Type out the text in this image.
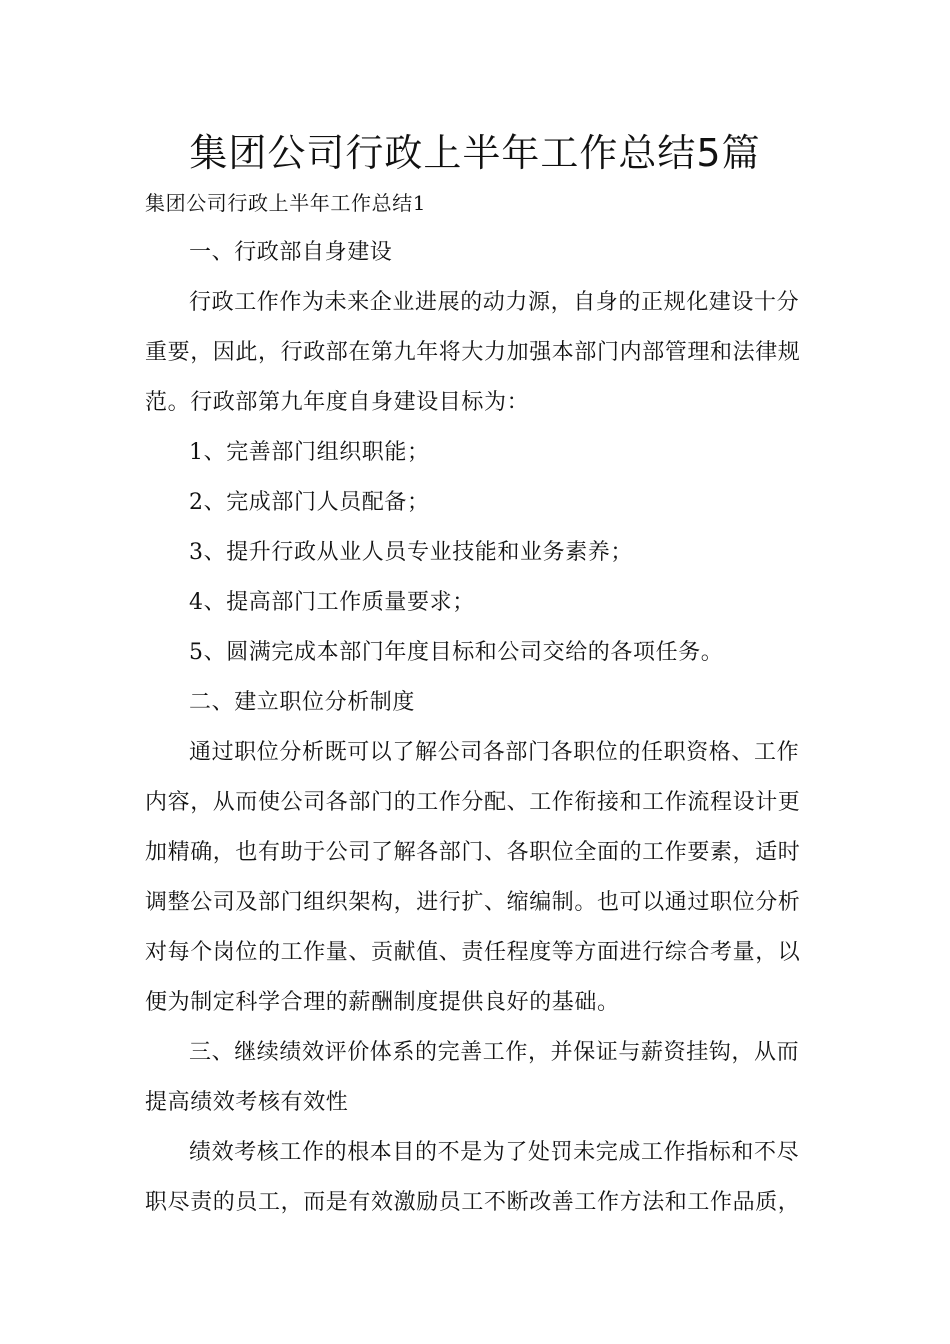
集团公司行政上半年工作总结5篇
集团公司行政上半年工作总结1
一、行政部自身建设
行政工作作为未来企业进展的动力源，自身的正规化建设十分
重要，因此，行政部在第九年将大力加强本部门内部管理和法律规
范。行政部第九年度自身建设目标为：
1、完善部门组织职能；
2、完成部门人员配备；
3、提升行政从业人员专业技能和业务素养；
4、提高部门工作质量要求；
5、圆满完成本部门年度目标和公司交给的各项任务。
二、建立职位分析制度
通过职位分析既可以了解公司各部门各职位的任职资格、工作
内容，从而使公司各部门的工作分配、工作衔接和工作流程设计更
加精确，也有助于公司了解各部门、各职位全面的工作要素，适时
调整公司及部门组织架构，进行扩、缩编制。也可以通过职位分析
对每个岗位的工作量、贡献值、责任程度等方面进行综合考量，以
便为制定科学合理的薪酬制度提供良好的基础。
三、继续绩效评价体系的完善工作，并保证与薪资挂钩，从而
提高绩效考核有效性
绩效考核工作的根本目的不是为了处罚未完成工作指标和不尽
职尽责的员工，而是有效激励员工不断改善工作方法和工作品质，
